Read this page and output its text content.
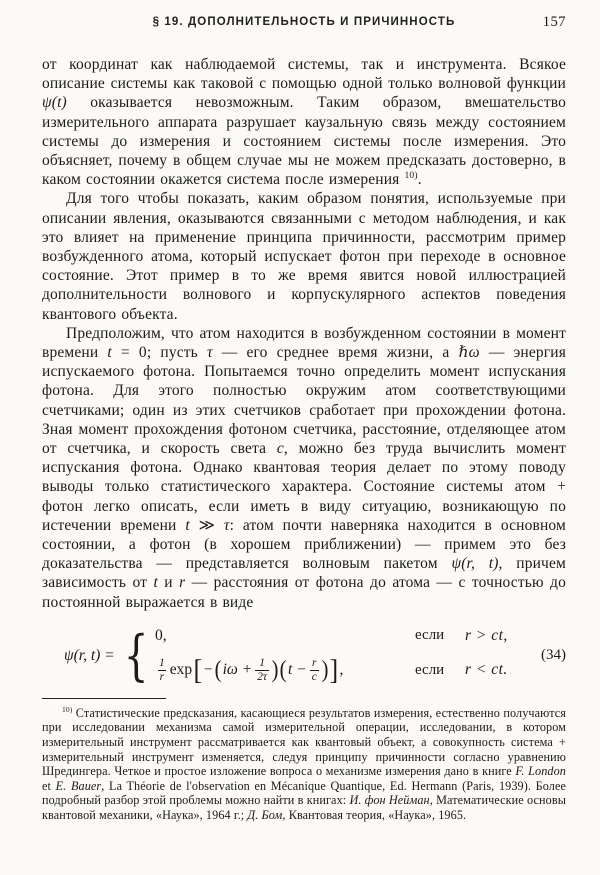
§ 19. ДОПОЛНИТЕЛЬНОСТЬ И ПРИЧИННОСТЬ	157

от координат как наблюдаемой системы, так и инструмента. Всякое описание системы как таковой с помощью одной только волновой функции ψ(t) оказывается невозможным. Таким образом, вмешательство измерительного аппарата разрушает каузальную связь между состоянием системы до измерения и состоянием системы после измерения. Это объясняет, почему в общем случае мы не можем предсказать достоверно, в каком состоянии окажется система после измерения $^{10)}$.

Для того чтобы показать, каким образом понятия, используемые при описании явления, оказываются связанными с методом наблюдения, и как это влияет на применение принципа причинности, рассмотрим пример возбужденного атома, который испускает фотон при переходе в основное состояние. Этот пример в то же время явится новой иллюстрацией дополнительности волнового и корпускулярного аспектов поведения квантового объекта.

Предположим, что атом находится в возбужденном состоянии в момент времени t = 0; пусть τ — его среднее время жизни, а ℏω — энергия испускаемого фотона. Попытаемся точно определить момент испускания фотона. Для этого полностью окружим атом соответствующими счетчиками; один из этих счетчиков сработает при прохождении фотона. Зная момент прохождения фотоном счетчика, расстояние, отделяющее атом от счетчика, и скорость света c, можно без труда вычислить момент испускания фотона. Однако квантовая теория делает по этому поводу выводы только статистического характера. Состояние системы атом + фотон легко описать, если иметь в виду ситуацию, возникающую по истечении времени t ≫ τ: атом почти наверняка находится в основном состоянии, а фотон (в хорошем приближении) — примем это без доказательства — представляется волновым пакетом ψ(r, t), причем зависимость от t и r — расстояния от фотона до атома — с точностью до постоянной выражается в виде

ψ(r, t) = { 0,	если	r > ct,
$\frac{1}{r}$ exp [ − ( $i\omega + \frac{1}{2\tau}$ ) ( $t - \frac{r}{c}$ ) ] ,	если	r < ct.
(34)

$^{10)}$ Статистические предсказания, касающиеся результатов измерения, естественно получаются при исследовании механизма самой измерительной операции, исследовании, в котором измерительный инструмент рассматривается как квантовый объект, а совокупность система + измерительный инструмент изменяется, следуя принципу причинности согласно уравнению Шредингера. Четкое и простое изложение вопроса о механизме измерения дано в книге F. London et E. Bauer, La Théorie de l'observation en Mécanique Quantique, Ed. Hermann (Paris, 1939). Более подробный разбор этой проблемы можно найти в книгах: И. фон Нейман, Математические основы квантовой механики, «Наука», 1964 г.; Д. Бом, Квантовая теория, «Наука», 1965.
